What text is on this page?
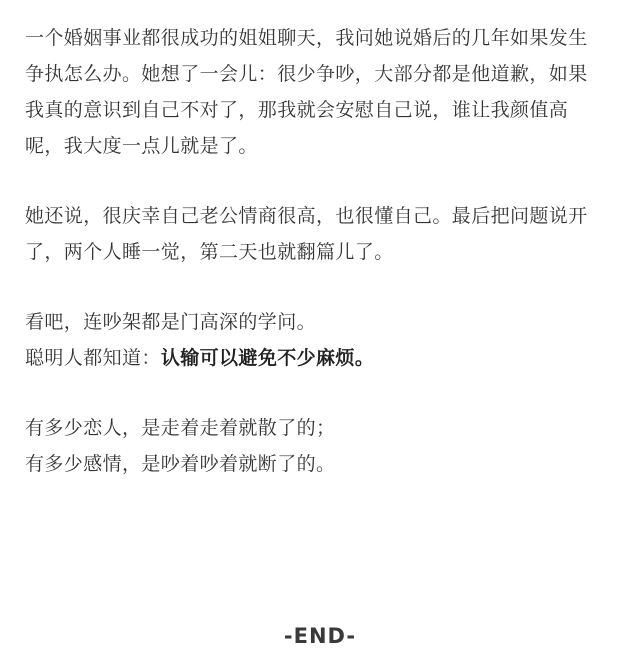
一个婚姻事业都很成功的姐姐聊天，我问她说婚后的几年如果发生
争执怎么办。她想了一会儿：很少争吵，大部分都是他道歉，如果
我真的意识到自己不对了，那我就会安慰自己说，谁让我颜值高
呢，我大度一点儿就是了。

她还说，很庆幸自己老公情商很高，也很懂自己。最后把问题说开
了，两个人睡一觉，第二天也就翻篇儿了。

看吧，连吵架都是门高深的学问。
聪明人都知道：认输可以避免不少麻烦。

有多少恋人，是走着走着就散了的；
有多少感情，是吵着吵着就断了的。

-END-
